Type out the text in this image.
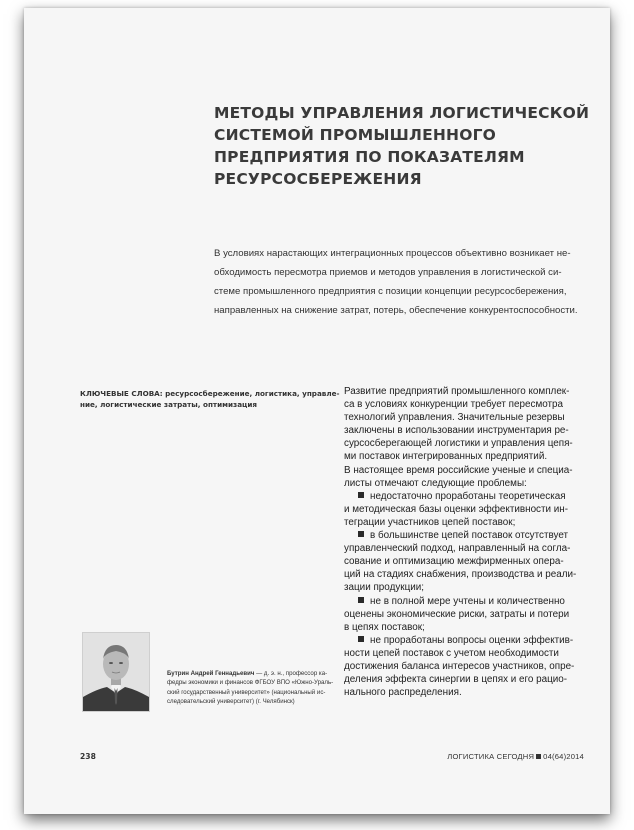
МЕТОДЫ УПРАВЛЕНИЯ ЛОГИСТИЧЕСКОЙ
СИСТЕМОЙ ПРОМЫШЛЕННОГО
ПРЕДПРИЯТИЯ ПО ПОКАЗАТЕЛЯМ
РЕСУРСОСБЕРЕЖЕНИЯ
В условиях нарастающих интеграционных процессов объективно возникает не-
обходимость пересмотра приемов и методов управления в логистической си-
стеме промышленного предприятия с позиции концепции ресурсосбережения,
направленных на снижение затрат, потерь, обеспечение конкурентоспособности.
КЛЮЧЕВЫЕ СЛОВА: ресурсосбережение, логистика, управле-
ние, логистические затраты, оптимизация
Развитие предприятий промышленного комплек-
са в условиях конкуренции требует пересмотра
технологий управления. Значительные резервы
заключены в использовании инструментария ре-
сурсосберегающей логистики и управления цепя-
ми поставок интегрированных предприятий.
В настоящее время российские ученые и специа-
листы отмечают следующие проблемы:
недостаточно проработаны теоретическая
и методическая базы оценки эффективности ин-
теграции участников цепей поставок;
в большинстве цепей поставок отсутствует
управленческий подход, направленный на согла-
сование и оптимизацию межфирменных опера-
ций на стадиях снабжения, производства и реали-
зации продукции;
не в полной мере учтены и количественно
оценены экономические риски, затраты и потери
в цепях поставок;
не проработаны вопросы оценки эффектив-
ности цепей поставок с учетом необходимости
достижения баланса интересов участников, опре-
деления эффекта синергии в цепях и его рацио-
нального распределения.
Бутрин Андрей Геннадьевич — д. э. н., профессор ка-
федры экономики и финансов ФГБОУ ВПО «Южно-Ураль-
ский государственный университет» (национальный ис-
следовательский университет) (г. Челябинск)
238	ЛОГИСТИКА СЕГОДНЯ 04(64)2014
